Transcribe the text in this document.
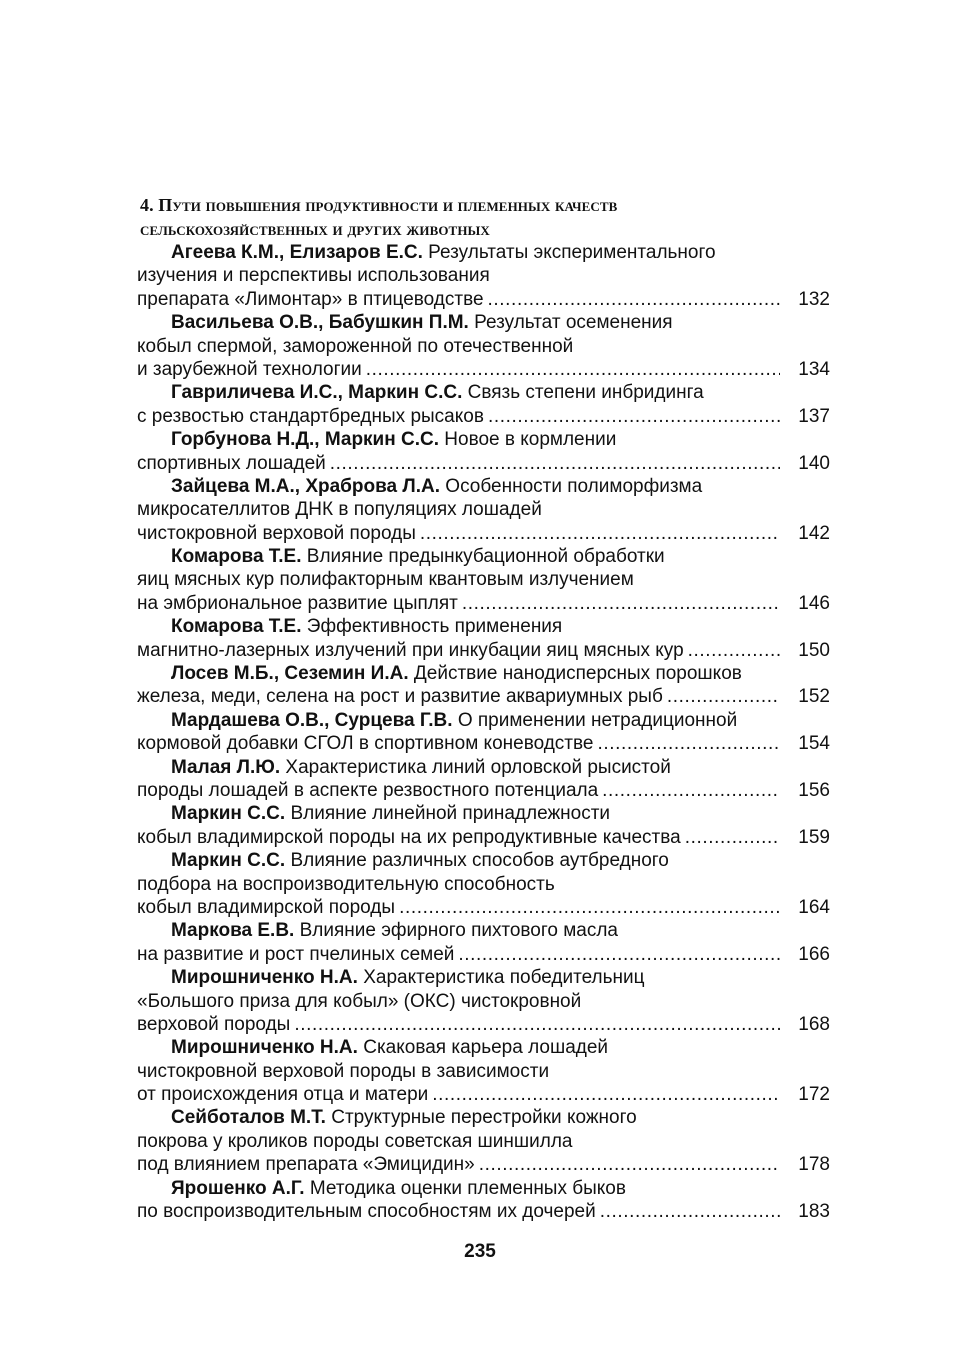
4. Пути повышения продуктивности и племенных качеств сельскохозяйственных и других животных
Агеева К.М., Елизаров Е.С. Результаты экспериментального
изучения и перспективы использования
препарата «Лимонтар» в птицеводстве .....	132
Васильева О.В., Бабушкин П.М. Результат осеменения
кобыл спермой, замороженной по отечественной
и зарубежной технологии .....	134
Гавриличева И.С., Маркин С.С. Связь степени инбридинга
с резвостью стандартбредных рысаков .....	137
Горбунова Н.Д., Маркин С.С. Новое в кормлении
спортивных лошадей .....	140
Зайцева М.А., Храброва Л.А. Особенности полиморфизма
микросателлитов ДНК в популяциях лошадей
чистокровной верховой породы .....	142
Комарова Т.Е. Влияние предынкубационной обработки
яиц мясных кур полифакторным квантовым излучением
на эмбриональное развитие цыплят .....	146
Комарова Т.Е. Эффективность применения
магнитно-лазерных излучений при инкубации яиц мясных кур .....	150
Лосев М.Б., Сеземин И.А. Действие нанодисперсных порошков
железа, меди, селена на рост и развитие аквариумных рыб .....	152
Мардашева О.В., Сурцева Г.В. О применении нетрадиционной
кормовой добавки СГОЛ в спортивном коневодстве .....	154
Малая Л.Ю. Характеристика линий орловской рысистой
породы лошадей в аспекте резвостного потенциала .....	156
Маркин С.С. Влияние линейной принадлежности
кобыл владимирской породы на их репродуктивные качества .....	159
Маркин С.С. Влияние различных способов аутбредного
подбора на воспроизводительную способность
кобыл владимирской породы .....	164
Маркова Е.В. Влияние эфирного пихтового масла
на развитие и рост пчелиных семей .....	166
Мирошниченко Н.А. Характеристика победительниц
«Большого приза для кобыл» (ОКС) чистокровной
верховой породы .....	168
Мирошниченко Н.А. Скаковая карьера лошадей
чистокровной верховой породы в зависимости
от происхождения отца и матери .....	172
Сейботалов М.Т. Структурные перестройки кожного
покрова у кроликов породы советская шиншилла
под влиянием препарата «Эмицидин» .....	178
Ярошенко А.Г. Методика оценки племенных быков
по воспроизводительным способностям их дочерей .....	183
235
